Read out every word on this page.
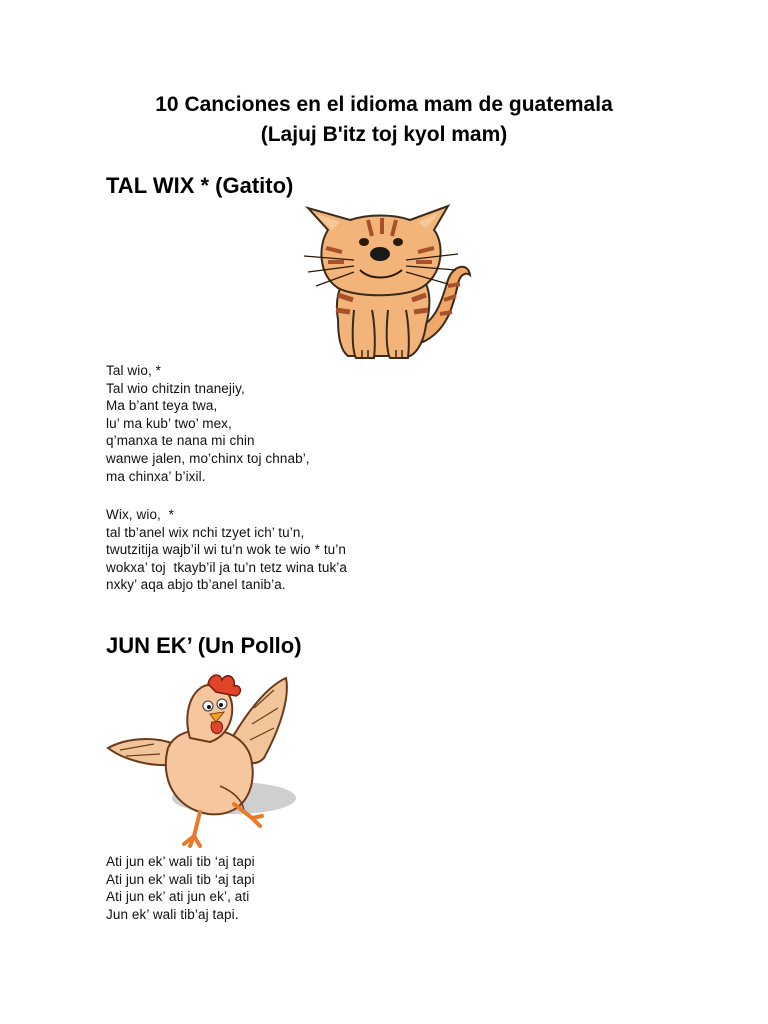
10 Canciones en el idioma mam de guatemala
(Lajuj B'itz toj kyol mam)
TAL WIX * (Gatito)
Tal wio, *
Tal wio chitzin tnanejiy,
Ma b’ant teya twa,
lu’ ma kub’ two’ mex,
q’manxa te nana mi chin
wanwe jalen, mo’chinx toj chnab’,
ma chinxa’ b’ixil.
Wix, wio,  *
tal tb’anel wix nchi tzyet ich’ tu’n,
twutzitija wajb’il wi tu’n wok te wio * tu’n
wokxa’ toj  tkayb’il ja tu’n tetz wina tuk’a
nxky’ aqa abjo tb’anel tanib’a.
JUN EK’ (Un Pollo)
Ati jun ek’ wali tib ‘aj tapi
Ati jun ek’ wali tib ‘aj tapi
Ati jun ek’ ati jun ek’, ati
Jun ek’ wali tib’aj tapi.
